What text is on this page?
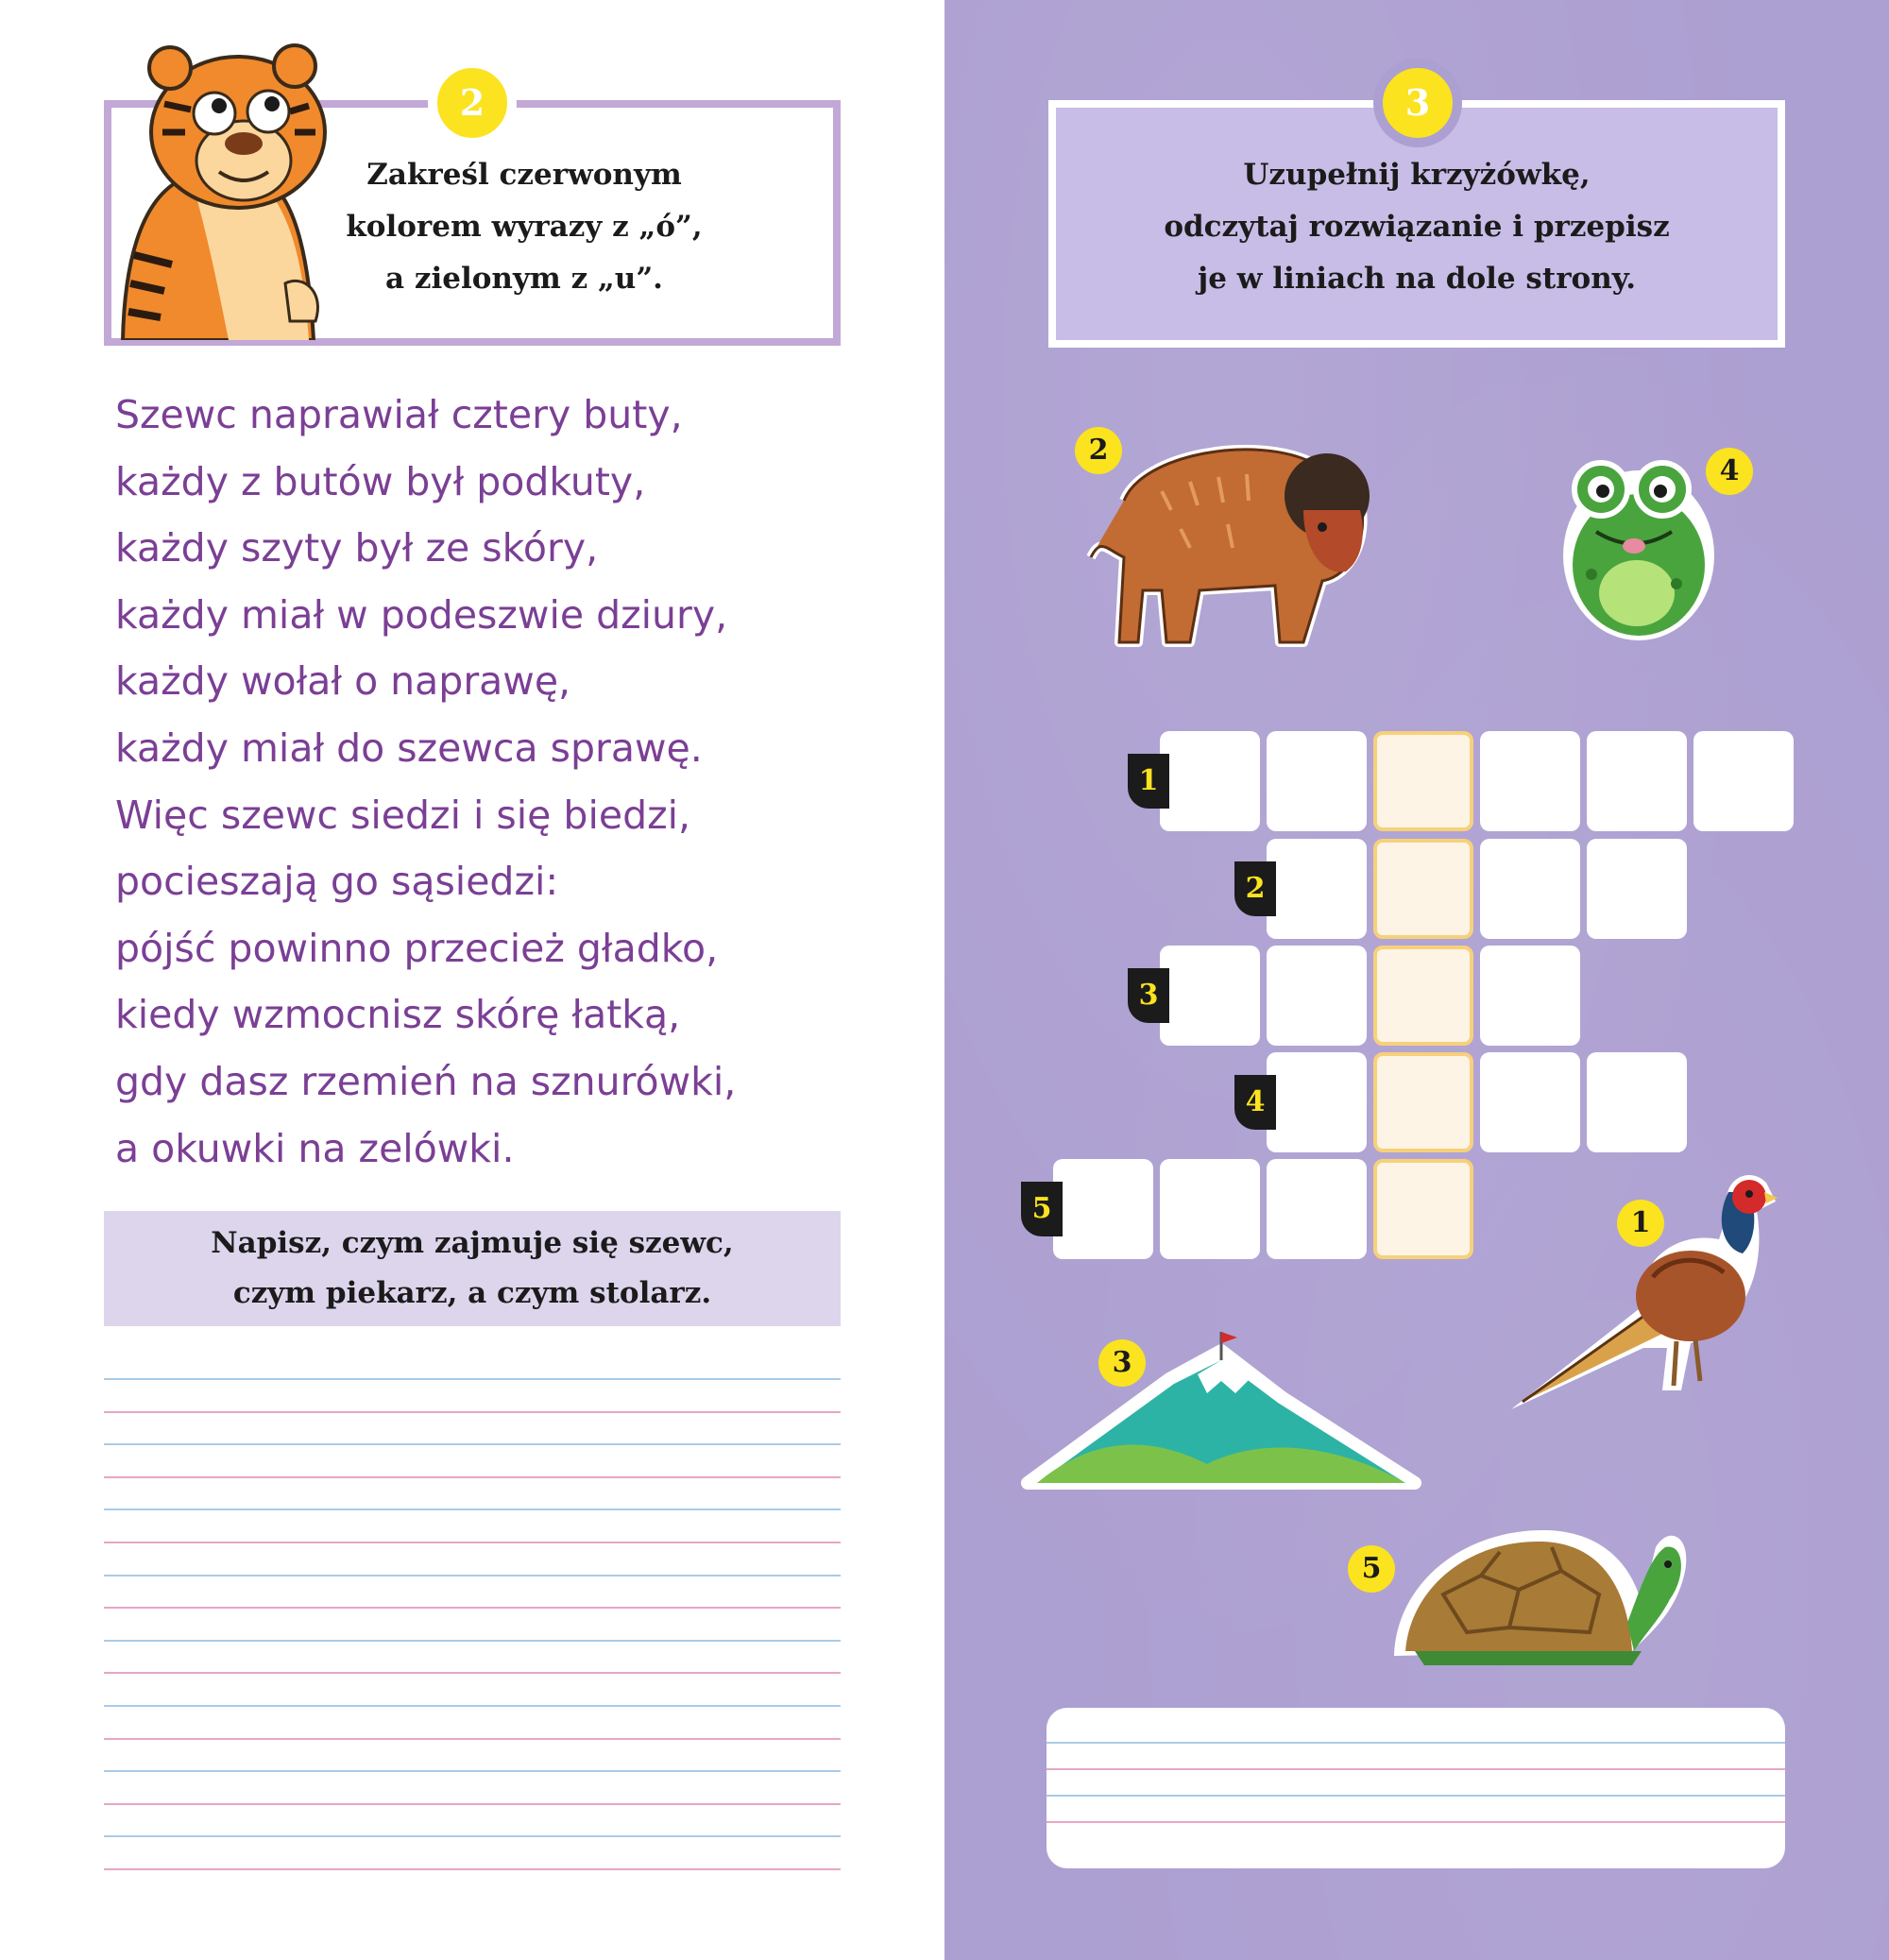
2
Zakreśl czerwonym
kolorem wyrazy z „ó”,
a zielonym z „u”.
Szewc naprawiał cztery buty,
każdy z butów był podkuty,
każdy szyty był ze skóry,
każdy miał w podeszwie dziury,
każdy wołał o naprawę,
każdy miał do szewca sprawę.
Więc szewc siedzi i się biedzi,
pocieszają go sąsiedzi:
pójść powinno przecież gładko,
kiedy wzmocnisz skórę łatką,
gdy dasz rzemień na sznurówki,
a okuwki na zelówki.
Napisz, czym zajmuje się szewc,
czym piekarz, a czym stolarz.
3
Uzupełnij krzyżówkę,
odczytaj rozwiązanie i przepisz
je w liniach na dole strony.
2
4
1
2
3
4
5	1
3
5
